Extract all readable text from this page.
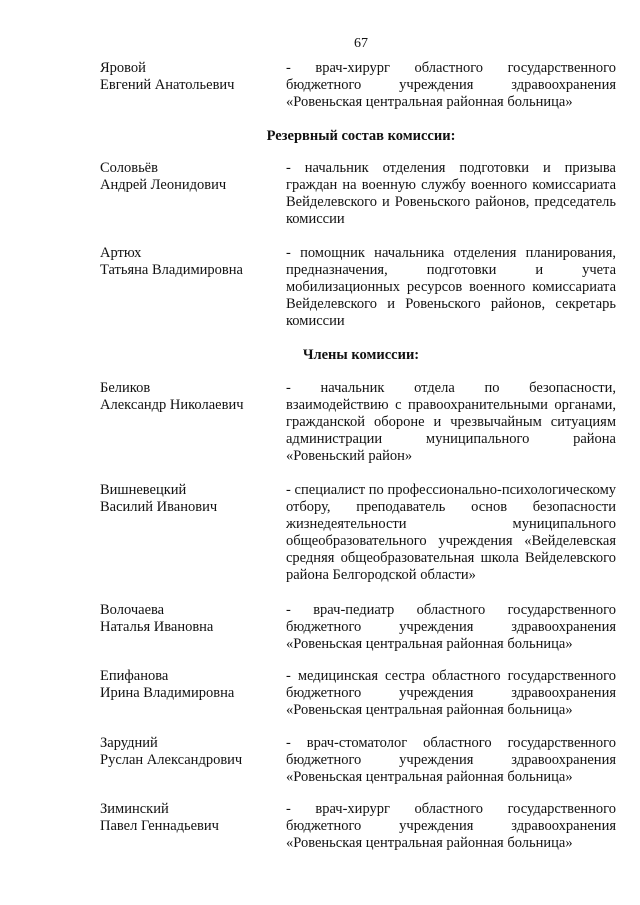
67
Яровой
Евгений Анатольевич
- врач-хирург областного государственного бюджетного учреждения здравоохранения «Ровеньская центральная районная больница»
Резервный состав комиссии:
Соловьёв
Андрей Леонидович
- начальник отделения подготовки и призыва граждан на военную службу военного комиссариата Вейделевского и Ровеньского районов, председатель комиссии
Артюх
Татьяна Владимировна
- помощник начальника отделения планирования, предназначения, подготовки и учета мобилизационных ресурсов военного комиссариата Вейделевского и Ровеньского районов, секретарь комиссии
Члены комиссии:
Беликов
Александр Николаевич
- начальник отдела по безопасности, взаимодействию с правоохранительными органами, гражданской обороне и чрезвычайным ситуациям администрации муниципального района «Ровеньский район»
Вишневецкий
Василий Иванович
- специалист по профессионально-психологическому отбору, преподаватель основ безопасности жизнедеятельности муниципального общеобразовательного учреждения «Вейделевская средняя общеобразовательная школа Вейделевского района Белгородской области»
Волочаева
Наталья Ивановна
- врач-педиатр областного государственного бюджетного учреждения здравоохранения «Ровеньская центральная районная больница»
Епифанова
Ирина Владимировна
- медицинская сестра областного государственного бюджетного учреждения здравоохранения «Ровеньская центральная районная больница»
Зарудний
Руслан Александрович
- врач-стоматолог областного государственного бюджетного учреждения здравоохранения «Ровеньская центральная районная больница»
Зиминский
Павел Геннадьевич
- врач-хирург областного государственного бюджетного учреждения здравоохранения «Ровеньская центральная районная больница»
